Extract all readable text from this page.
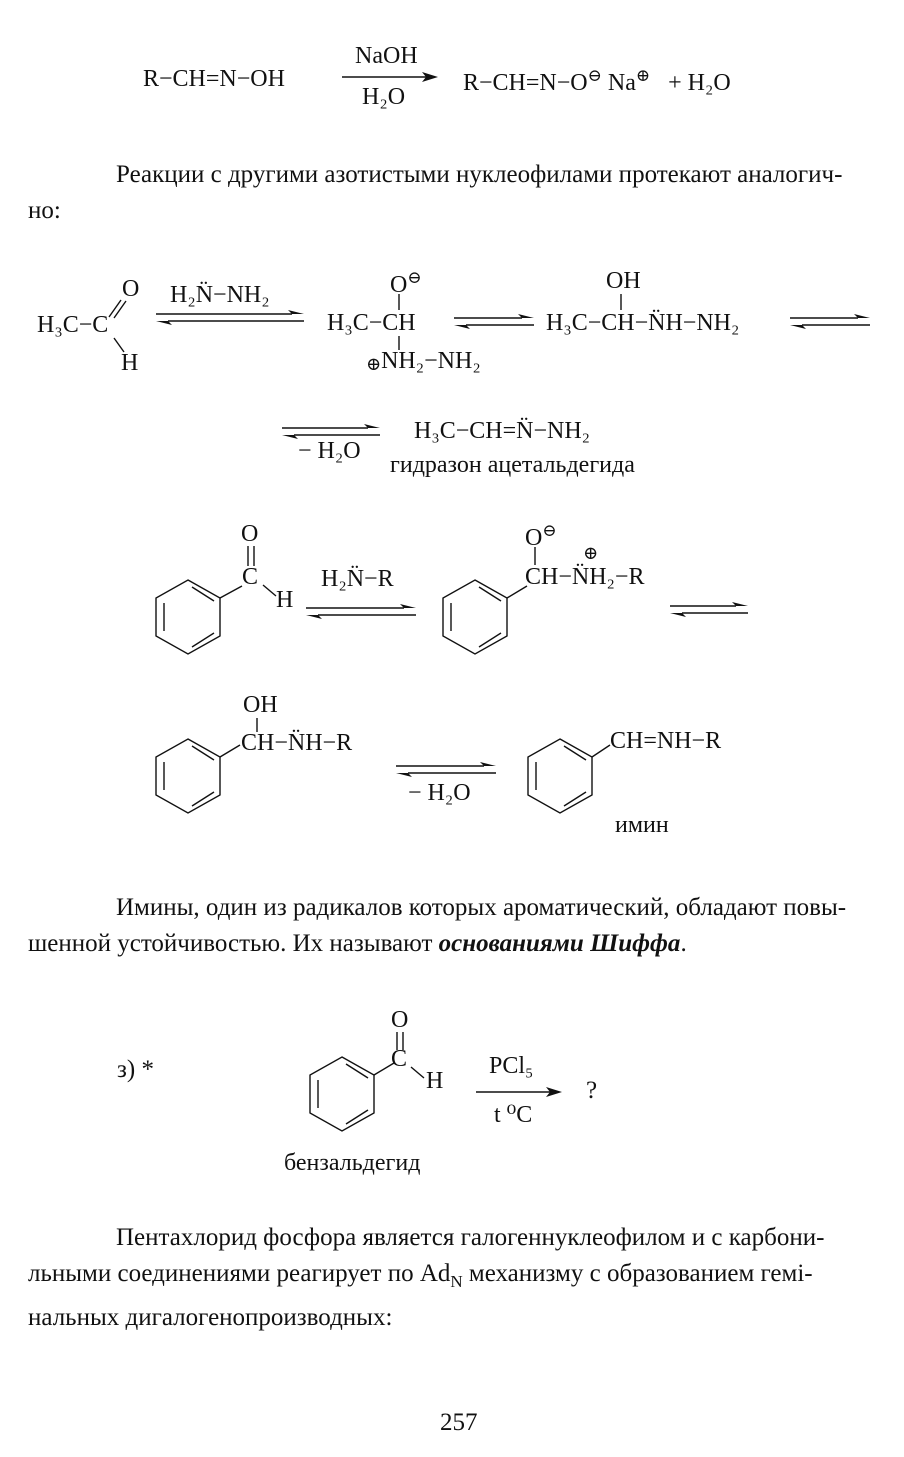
R−CH=N−OH
NaOH
H₂O
R−CH=N−O⊖ Na⊕ + H₂O
Реакции с другими азотистыми нуклеофилами протекают аналогич-
но:
O
H₃C−C
H
H₂N̈−NH₂	O⊖
H₃C−CH
⊕NH₂−NH₂
OH
H₃C−CH−N̈H−NH₂
− H₂O
H₃C−CH=N̈−NH₂
гидразон ацетальдегида
O
C
H
H₂N̈−R
O⊖
⊕
CH−N̈H₂−R
OH
CH−N̈H−R
− H₂O
CH=NH−R
имин
Имины, один из радикалов которых ароматический, обладают повы-
шенной устойчивостью. Их называют основаниями Шиффа.
з) *
O
C
H
PCl₅
t ⁰C
?
бензальдегид
Пентахлорид фосфора является галогеннуклеофилом и с карбони-
льными соединениями реагирует по $Ad_N$ механизму с образованием гемі-
нальных дигалогенопроизводных:
257
